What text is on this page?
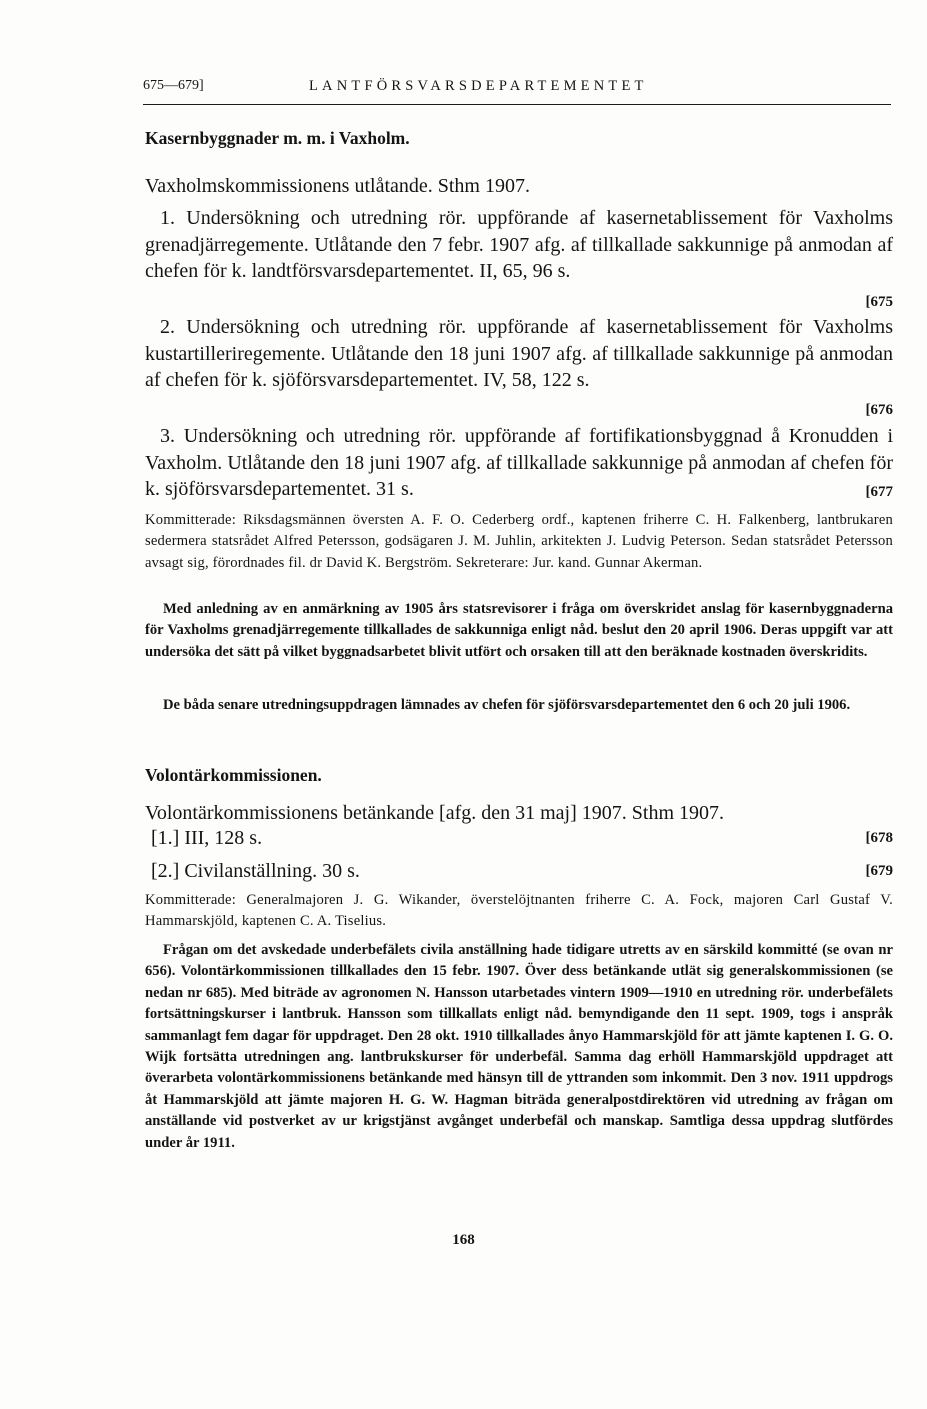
675—679]	LANTFÖRSVARSDEPARTEMENTET
Kasernbyggnader m. m. i Vaxholm.

Vaxholmskommissionens utlåtande. Sthm 1907.

1. Undersökning och utredning rör. uppförande af kasernetablissement för Vaxholms grenadjärregemente. Utlåtande den 7 febr. 1907 afg. af tillkallade sakkunnige på anmodan af chefen för k. landtförsvarsdepartementet. II, 65, 96 s.

[675

2. Undersökning och utredning rör. uppförande af kasernetablissement för Vaxholms kustartilleriregemente. Utlåtande den 18 juni 1907 afg. af tillkallade sakkunnige på anmodan af chefen för k. sjöförsvarsdepartementet. IV, 58, 122 s.

[676

3. Undersökning och utredning rör. uppförande af fortifikationsbyggnad å Kronudden i Vaxholm. Utlåtande den 18 juni 1907 afg. af tillkallade sakkunnige på anmodan af chefen för k. sjöförsvarsdepartementet. 31 s.	[677

Kommitterade: Riksdagsmännen översten A. F. O. Cederberg ordf., kaptenen friherre C. H. Falkenberg, lantbrukaren sedermera statsrådet Alfred Petersson, godsägaren J. M. Juhlin, arkitekten J. Ludvig Peterson. Sedan statsrådet Petersson avsagt sig, förordnades fil. dr David K. Bergström. Sekreterare: Jur. kand. Gunnar Akerman.

Med anledning av en anmärkning av 1905 års statsrevisorer i fråga om överskridet anslag för kasernbyggnaderna för Vaxholms grenadjärregemente tillkallades de sakkunniga enligt nåd. beslut den 20 april 1906. Deras uppgift var att undersöka det sätt på vilket byggnadsarbetet blivit utfört och orsaken till att den beräknade kostnaden överskridits.

De båda senare utredningsuppdragen lämnades av chefen för sjöförsvarsdepartementet den 6 och 20 juli 1906.

Volontärkommissionen.

Volontärkommissionens betänkande [afg. den 31 maj] 1907. Sthm 1907.

[678
[1.] III, 128 s.
[679
[2.] Civilanställning. 30 s.

Kommitterade: Generalmajoren J. G. Wikander, överstelöjtnanten friherre C. A. Fock, majoren Carl Gustaf V. Hammarskjöld, kaptenen C. A. Tiselius.

Frågan om det avskedade underbefälets civila anställning hade tidigare utretts av en särskild kommitté (se ovan nr 656). Volontärkommissionen tillkallades den 15 febr. 1907. Över dess betänkande utlät sig generalskommissionen (se nedan nr 685). Med biträde av agronomen N. Hansson utarbetades vintern 1909—1910 en utredning rör. underbefälets fortsättningskurser i lantbruk. Hansson som tillkallats enligt nåd. bemyndigande den 11 sept. 1909, togs i anspråk sammanlagt fem dagar för uppdraget. Den 28 okt. 1910 tillkallades ånyo Hammarskjöld för att jämte kaptenen I. G. O. Wijk fortsätta utredningen ang. lantbrukskurser för underbefäl. Samma dag erhöll Hammarskjöld uppdraget att överarbeta volontärkommissionens betänkande med hänsyn till de yttranden som inkommit. Den 3 nov. 1911 uppdrogs åt Hammarskjöld att jämte majoren H. G. W. Hagman biträda generalpostdirektören vid utredning av frågan om anställande vid postverket av ur krigstjänst avgånget underbefäl och manskap. Samtliga dessa uppdrag slutfördes under år 1911.

168
